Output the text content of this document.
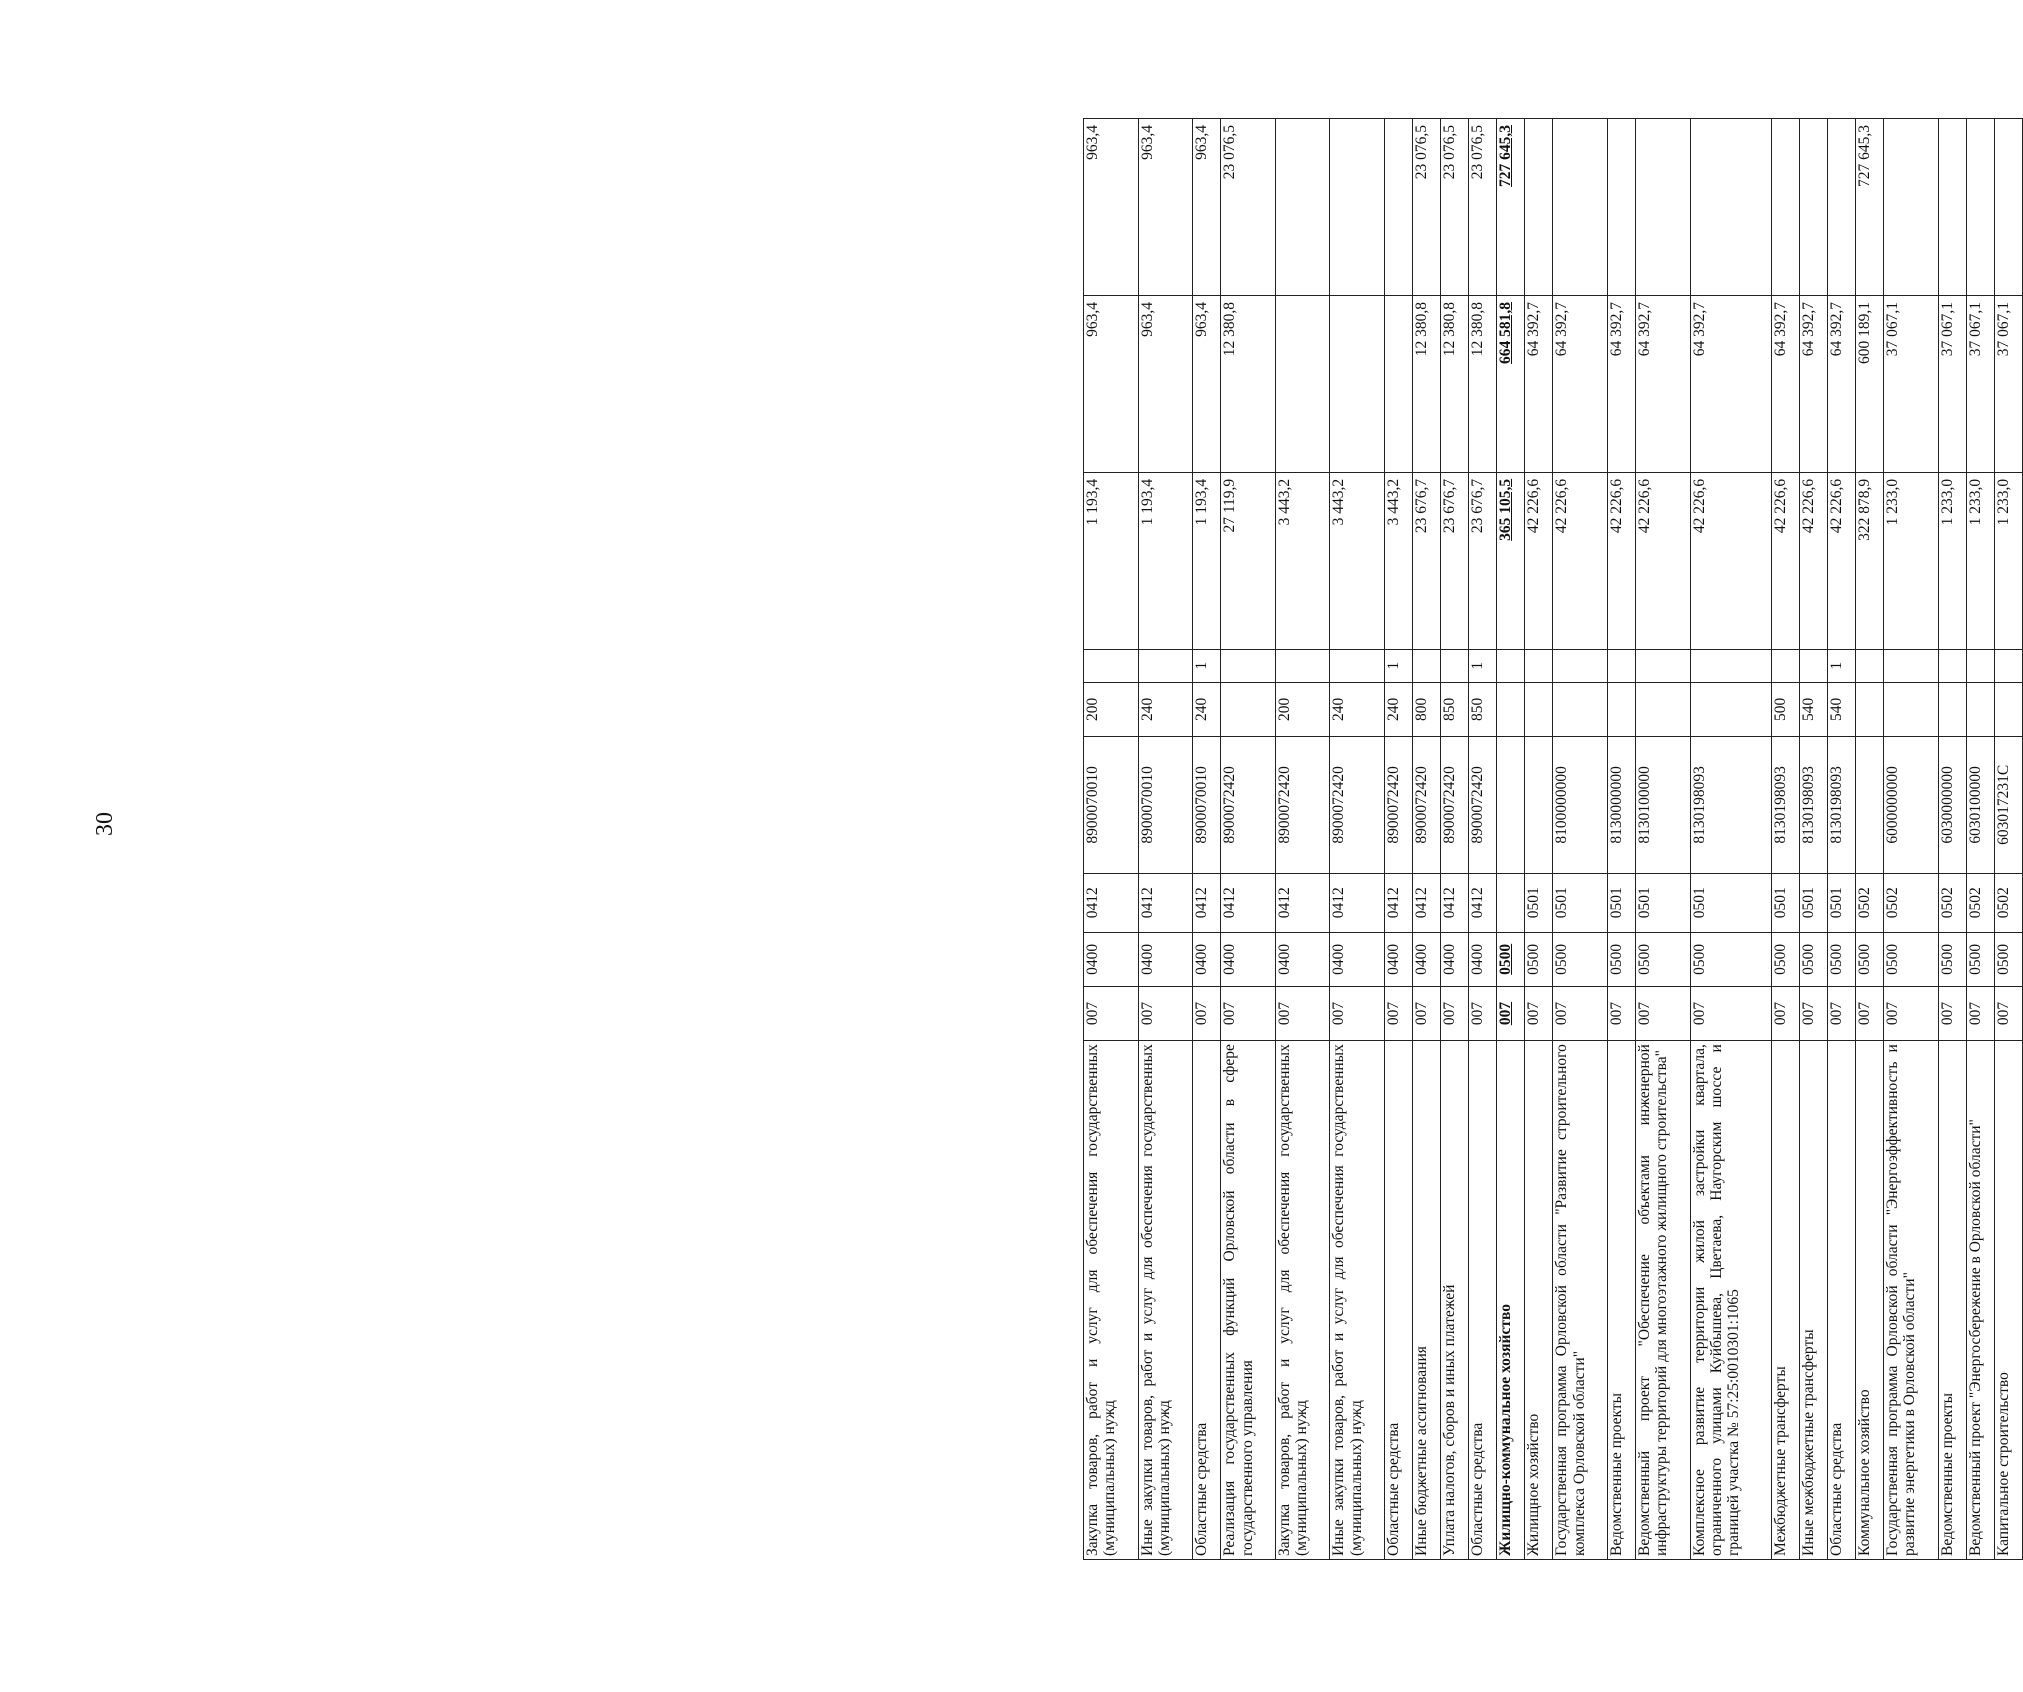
30
Закупка товаров, работ и услуг для обеспечения государственных (муниципальных) нужд	007	0400	0412	8900070010	200		1 193,4	963,4	963,4
Иные закупки товаров, работ и услуг для обеспечения государственных (муниципальных) нужд	007	0400	0412	8900070010	240		1 193,4	963,4	963,4
Областные средства	007	0400	0412	8900070010	240	1	1 193,4	963,4	963,4
Реализация государственных функций Орловской области в сфере государственного управления	007	0400	0412	8900072420			27 119,9	12 380,8	23 076,5
Закупка товаров, работ и услуг для обеспечения государственных (муниципальных) нужд	007	0400	0412	8900072420	200		3 443,2		
Иные закупки товаров, работ и услуг для обеспечения государственных (муниципальных) нужд	007	0400	0412	8900072420	240		3 443,2		
Областные средства	007	0400	0412	8900072420	240	1	3 443,2		
Иные бюджетные ассигнования	007	0400	0412	8900072420	800		23 676,7	12 380,8	23 076,5
Уплата налогов, сборов и иных платежей	007	0400	0412	8900072420	850		23 676,7	12 380,8	23 076,5
Областные средства	007	0400	0412	8900072420	850	1	23 676,7	12 380,8	23 076,5
Жилищно-коммунальное хозяйство	007	0500					365 105,5	664 581,8	727 645,3
Жилищное хозяйство	007	0500	0501				42 226,6	64 392,7	
Государственная программа Орловской области "Развитие строительного комплекса Орловской области"	007	0500	0501	8100000000			42 226,6	64 392,7	
Ведомственные проекты	007	0500	0501	8130000000			42 226,6	64 392,7	
Ведомственный проект "Обеспечение объектами инженерной инфраструктуры территорий для многоэтажного жилищного строительства"	007	0500	0501	8130100000			42 226,6	64 392,7	
Комплексное развитие территории жилой застройки квартала, ограниченного улицами Куйбышева, Цветаева, Наугорским шоссе и границей участка № 57:25:0010301:1065	007	0500	0501	8130198093			42 226,6	64 392,7	
Межбюджетные трансферты	007	0500	0501	8130198093	500		42 226,6	64 392,7	
Иные межбюджетные трансферты	007	0500	0501	8130198093	540		42 226,6	64 392,7	
Областные средства	007	0500	0501	8130198093	540	1	42 226,6	64 392,7	
Коммунальное хозяйство	007	0500	0502				322 878,9	600 189,1	727 645,3
Государственная программа Орловской области "Энергоэффективность и развитие энергетики в Орловской области"	007	0500	0502	6000000000			1 233,0	37 067,1	
Ведомственные проекты	007	0500	0502	6030000000			1 233,0	37 067,1	
Ведомственный проект "Энергосбережение в Орловской области"	007	0500	0502	6030100000			1 233,0	37 067,1	
Капитальное строительство	007	0500	0502	603017231С			1 233,0	37 067,1	
